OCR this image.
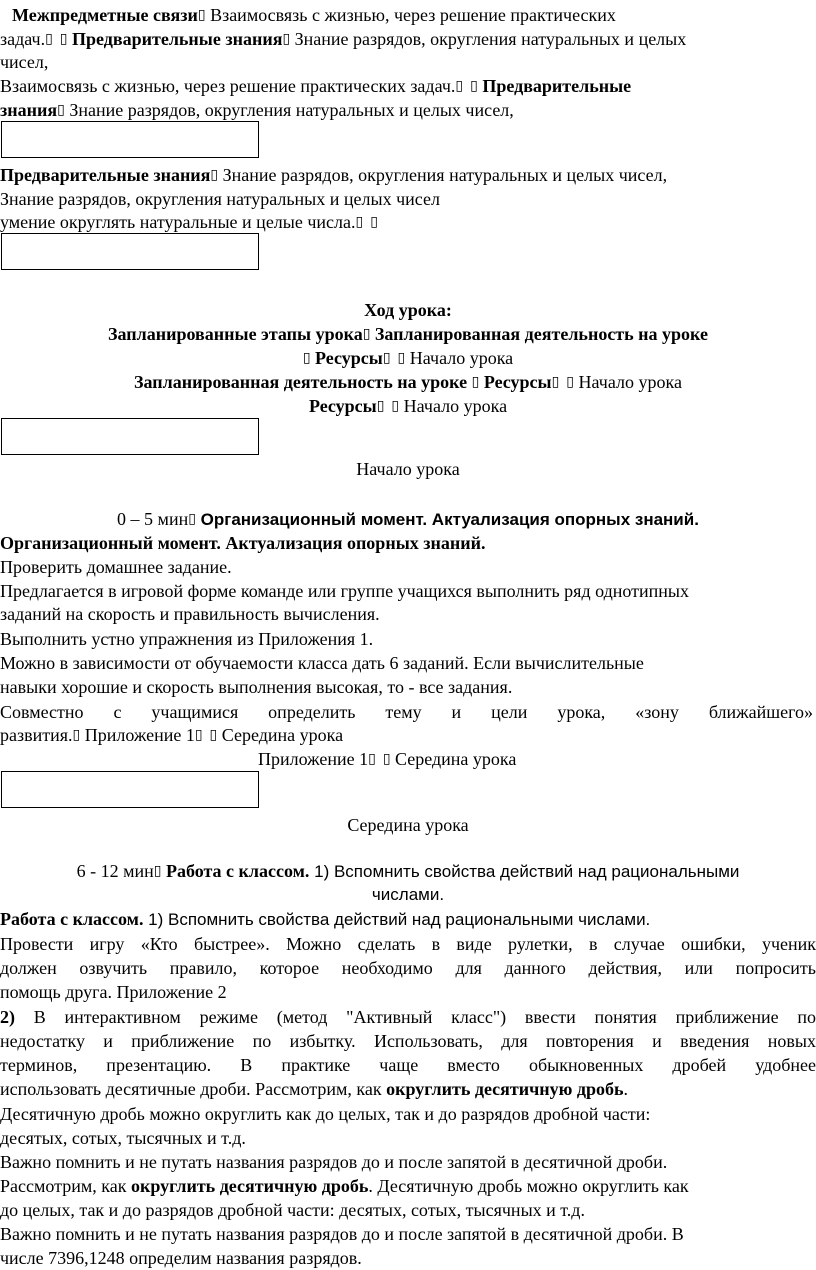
Межпредметные связи▯ Взаимосвязь с жизнью, через решение практических
задач.▯ ▯ Предварительные знания▯ Знание разрядов, округления натуральных и целых
чисел,
Взаимосвязь с жизнью, через решение практических задач.▯ ▯ Предварительные
знания▯ Знание разрядов, округления натуральных и целых чисел,
Предварительные знания▯ Знание разрядов, округления натуральных и целых чисел,
Знание разрядов, округления натуральных и целых чисел
умение округлять натуральные и целые числа.▯ ▯
Ход урока:
Запланированные этапы урока▯ Запланированная деятельность на уроке
▯ Ресурсы▯ ▯ Начало урока
Запланированная деятельность на уроке ▯ Ресурсы▯ ▯ Начало урока
Ресурсы▯ ▯ Начало урока
Начало урока
0 – 5 мин▯ Организационный момент. Актуализация опорных знаний.
Организационный момент. Актуализация опорных знаний.
Проверить домашнее задание.
Предлагается в игровой форме команде или группе учащихся выполнить ряд однотипных
заданий на скорость и правильность вычисления.
Выполнить устно упражнения из Приложения 1.
Можно в зависимости от обучаемости класса дать 6 заданий. Если вычислительные
навыки хорошие и скорость выполнения высокая, то - все задания.
Совместно с учащимися определить тему и цели урока, «зону ближайшего»
развития.▯ Приложение 1▯ ▯ Середина урока
Приложение 1▯ ▯ Середина урока
Середина урока
6 - 12 мин▯ Работа с классом. 1) Вспомнить свойства действий над рациональными
числами.
Работа с классом. 1) Вспомнить свойства действий над рациональными числами.
Провести игру «Кто быстрее». Можно сделать в виде рулетки, в случае ошибки, ученик
должен озвучить правило, которое необходимо для данного действия, или попросить
помощь друга. Приложение 2
2) В интерактивном режиме (метод "Активный класс") ввести понятия приближение по
недостатку и приближение по избытку. Использовать, для повторения и введения новых
терминов, презентацию. В практике чаще вместо обыкновенных дробей удобнее
использовать десятичные дроби. Рассмотрим, как округлить десятичную дробь.
Десятичную дробь можно округлить как до целых, так и до разрядов дробной части:
десятых, сотых, тысячных и т.д.
Важно помнить и не путать названия разрядов до и после запятой в десятичной дроби.
Рассмотрим, как округлить десятичную дробь. Десятичную дробь можно округлить как
до целых, так и до разрядов дробной части: десятых, сотых, тысячных и т.д.
Важно помнить и не путать названия разрядов до и после запятой в десятичной дроби. В
числе 7396,1248 определим названия разрядов.
